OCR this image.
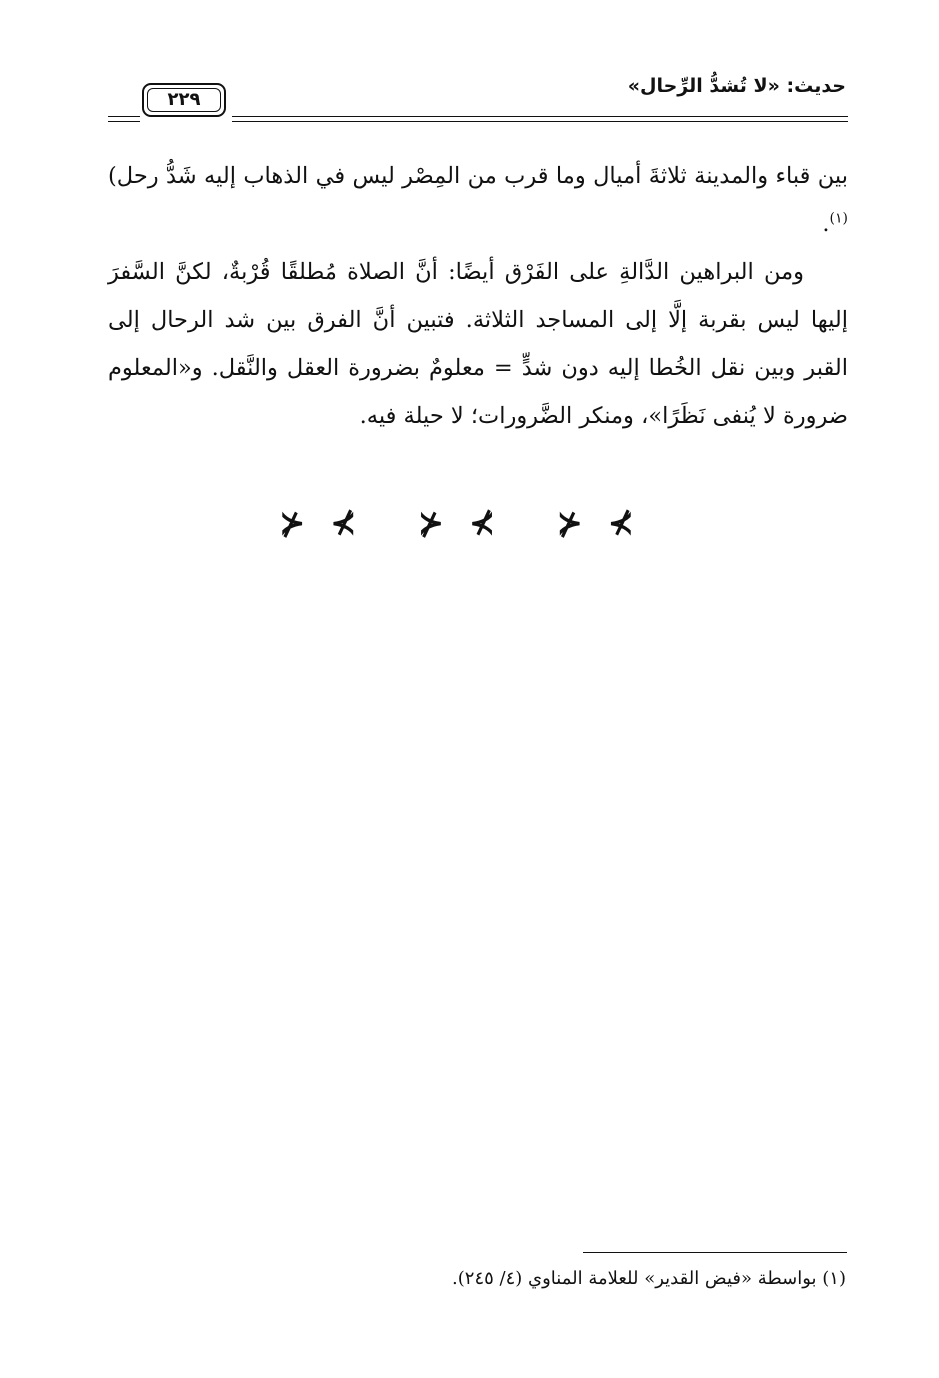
حديث: «لا تُشدُّ الرِّحال»
٢٢٩

بين قباء والمدينة ثلاثةَ أميال وما قرب من المِصْر ليس في الذهاب إليه شَدُّ رحل)$^{(١)}$.

ومن البراهين الدَّالةِ على الفَرْق أيضًا: أنَّ الصلاة مُطلقًا قُرْبةٌ، لكنَّ السَّفرَ إليها ليس بقربة إلَّا إلى المساجد الثلاثة. فتبين أنَّ الفرق بين شد الرحال إلى القبر وبين نقل الخُطا إليه دون شدٍّ = معلومٌ بضرورة العقل والنَّقل. و«المعلوم ضرورة لا يُنفى نَظَرًا»، ومنكر الضَّرورات؛ لا حيلة فيه.

⊁⊀ ⊁⊀ ⊁⊀
(١) بواسطة «فيض القدير» للعلامة المناوي (٤/ ٢٤٥).
